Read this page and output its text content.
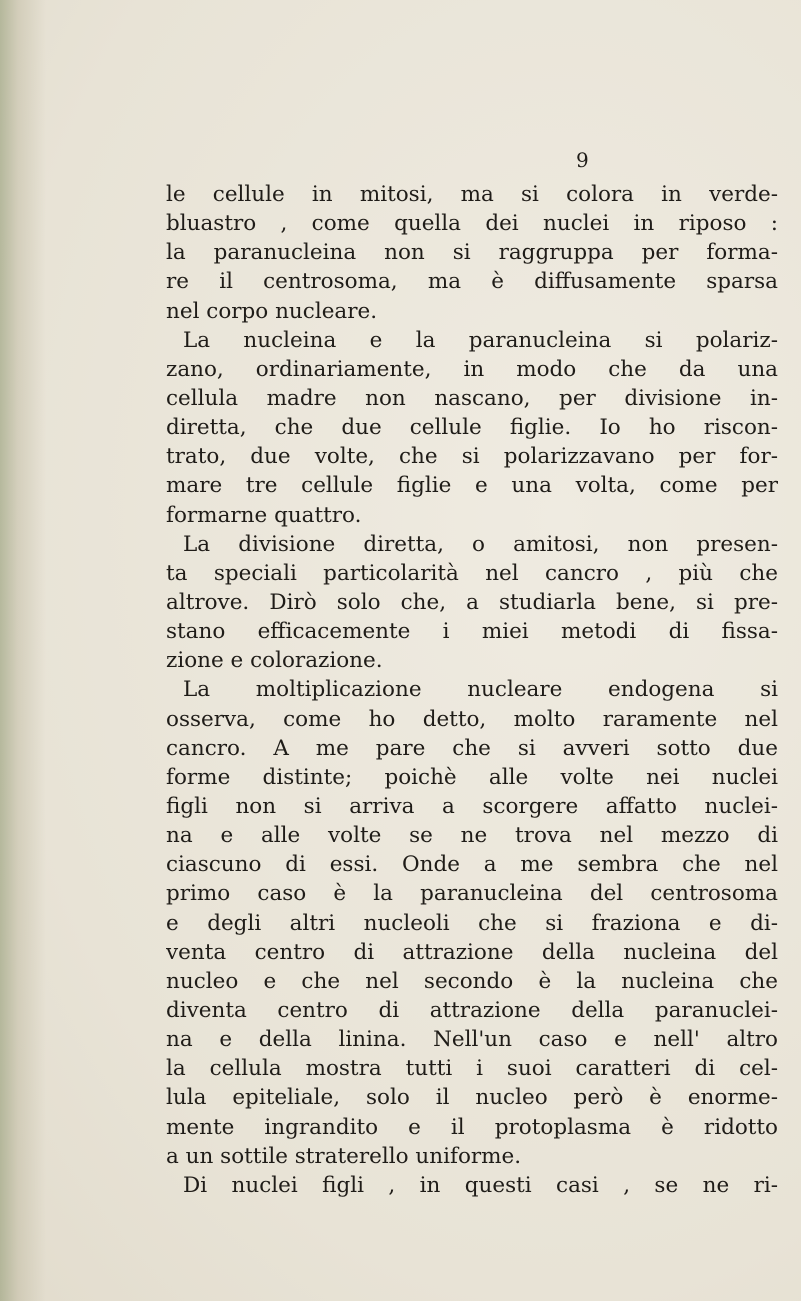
9
le cellule in mitosi, ma si colora in verde-
bluastro , come quella dei nuclei in riposo :
la paranucleina non si raggruppa per forma-
re il centrosoma, ma è diffusamente sparsa
nel corpo nucleare.
La nucleina e la paranucleina si polariz-
zano, ordinariamente, in modo che da una
cellula madre non nascano, per divisione in-
diretta, che due cellule figlie. Io ho riscon-
trato, due volte, che si polarizzavano per for-
mare tre cellule figlie e una volta, come per
formarne quattro.
La divisione diretta, o amitosi, non presen-
ta speciali particolarità nel cancro , più che
altrove. Dirò solo che, a studiarla bene, si pre-
stano efficacemente i miei metodi di fissa-
zione e colorazione.
La moltiplicazione nucleare endogena si
osserva, come ho detto, molto raramente nel
cancro. A me pare che si avveri sotto due
forme distinte; poichè alle volte nei nuclei
figli non si arriva a scorgere affatto nuclei-
na e alle volte se ne trova nel mezzo di
ciascuno di essi. Onde a me sembra che nel
primo caso è la paranucleina del centrosoma
e degli altri nucleoli che si fraziona e di-
venta centro di attrazione della nucleina del
nucleo e che nel secondo è la nucleina che
diventa centro di attrazione della paranuclei-
na e della linina. Nell'un caso e nell' altro
la cellula mostra tutti i suoi caratteri di cel-
lula epiteliale, solo il nucleo però è enorme-
mente ingrandito e il protoplasma è ridotto
a un sottile straterello uniforme.
Di nuclei figli , in questi casi , se ne ri-
